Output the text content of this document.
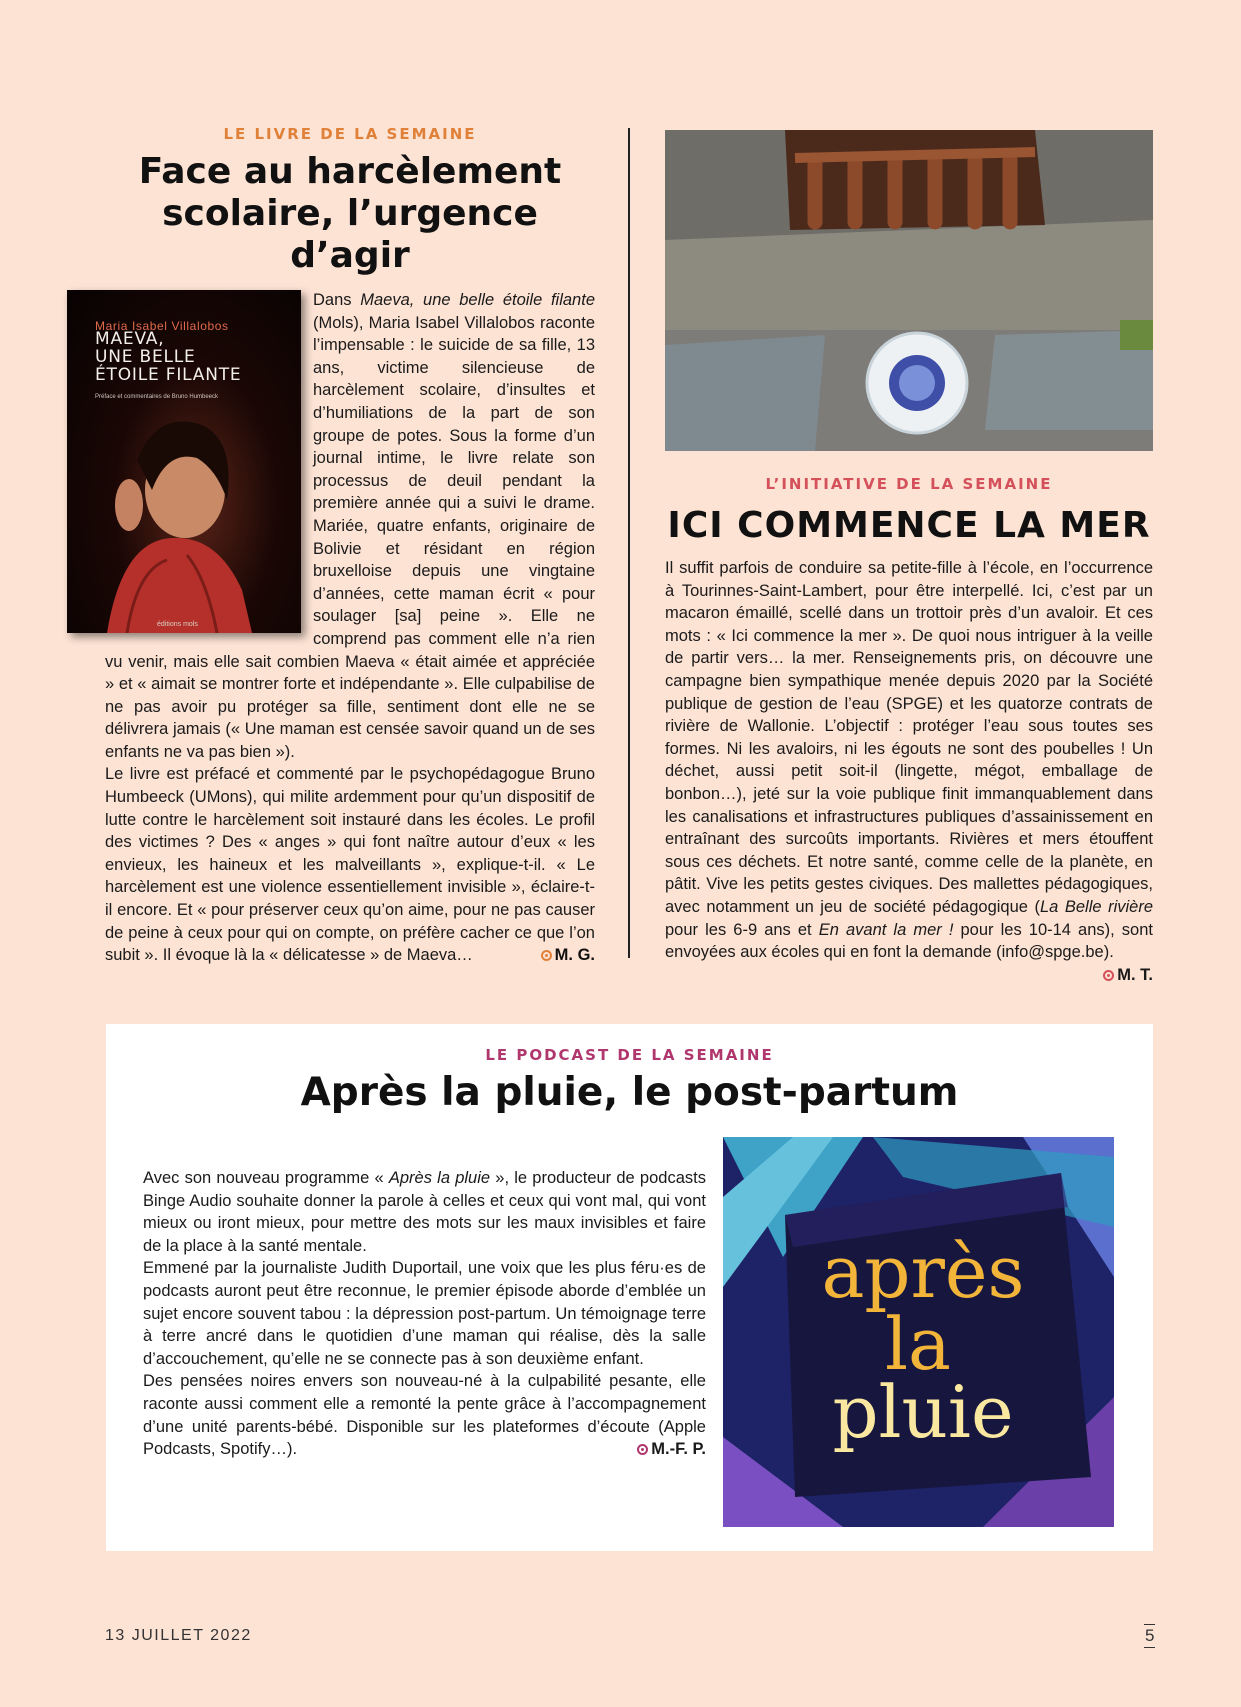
LE LIVRE DE LA SEMAINE
Face au harcèlement scolaire, l’urgence d’agir
Maria Isabel Villalobos
MAEVA,
UNE BELLE
ÉTOILE FILANTE
Préface et commentaires de Bruno Humbeeck
éditions mols

Dans Maeva, une belle étoile filante (Mols), Maria Isabel Villalobos raconte l’impensable : le suicide de sa fille, 13 ans, victime silencieuse de harcèlement scolaire, d’insultes et d’humiliations de la part de son groupe de potes. Sous la forme d’un journal intime, le livre relate son processus de deuil pendant la première année qui a suivi le drame. Mariée, quatre enfants, originaire de Bolivie et résidant en région bruxelloise depuis une vingtaine d’années, cette maman écrit « pour soulager [sa] peine ». Elle ne comprend pas comment elle n’a rien vu venir, mais elle sait combien Maeva « était aimée et appréciée » et « aimait se montrer forte et indépendante ». Elle culpabilise de ne pas avoir pu protéger sa fille, sentiment dont elle ne se délivrera jamais (« Une maman est censée savoir quand un de ses enfants ne va pas bien »).

Le livre est préfacé et commenté par le psychopédagogue Bruno Humbeeck (UMons), qui milite ardemment pour qu’un dispositif de lutte contre le harcèlement soit instauré dans les écoles. Le profil des victimes ? Des « anges » qui font naître autour d’eux « les envieux, les haineux et les malveillants », explique-t-il. « Le harcèlement est une violence essentiellement invisible », éclaire-t-il encore. Et « pour préserver ceux qu’on aime, pour ne pas causer de peine à ceux pour qui on compte, on préfère cacher ce que l’on subit ». Il évoque là la « délicatesse » de Maeva…	M. G.

L’INITIATIVE DE LA SEMAINE
ICI COMMENCE LA MER

Il suffit parfois de conduire sa petite-fille à l’école, en l’occurrence à Tourinnes-Saint-Lambert, pour être interpellé. Ici, c’est par un macaron émaillé, scellé dans un trottoir près d’un avaloir. Et ces mots : « Ici commence la mer ». De quoi nous intriguer à la veille de partir vers… la mer. Renseignements pris, on découvre une campagne bien sympathique menée depuis 2020 par la Société publique de gestion de l’eau (SPGE) et les quatorze contrats de rivière de Wallonie. L’objectif : protéger l’eau sous toutes ses formes. Ni les avaloirs, ni les égouts ne sont des poubelles ! Un déchet, aussi petit soit-il (lingette, mégot, emballage de bonbon…), jeté sur la voie publique finit immanquablement dans les canalisations et infrastructures publiques d’assainissement en entraînant des surcoûts importants. Rivières et mers étouffent sous ces déchets. Et notre santé, comme celle de la planète, en pâtit. Vive les petits gestes civiques. Des mallettes pédagogiques, avec notamment un jeu de société pédagogique (La Belle rivière pour les 6-9 ans et En avant la mer ! pour les 10-14 ans), sont envoyées aux écoles qui en font la demande (info@spge.be).
M. T.

LE PODCAST DE LA SEMAINE
Après la pluie, le post-partum

Avec son nouveau programme « Après la pluie », le producteur de podcasts Binge Audio souhaite donner la parole à celles et ceux qui vont mal, qui vont mieux ou iront mieux, pour mettre des mots sur les maux invisibles et faire de la place à la santé mentale.

Emmené par la journaliste Judith Duportail, une voix que les plus féru·es de podcasts auront peut être reconnue, le premier épisode aborde d’emblée un sujet encore souvent tabou : la dépression post-partum. Un témoignage terre à terre ancré dans le quotidien d’une maman qui réalise, dès la salle d’accouchement, qu’elle ne se connecte pas à son deuxième enfant.

Des pensées noires envers son nouveau-né à la culpabilité pesante, elle raconte aussi comment elle a remonté la pente grâce à l’accompagnement d’une unité parents-bébé. Disponible sur les plateformes d’écoute (Apple Podcasts, Spotify…).	M.-F. P.

après
la
pluie
13 JUILLET 2022	5
